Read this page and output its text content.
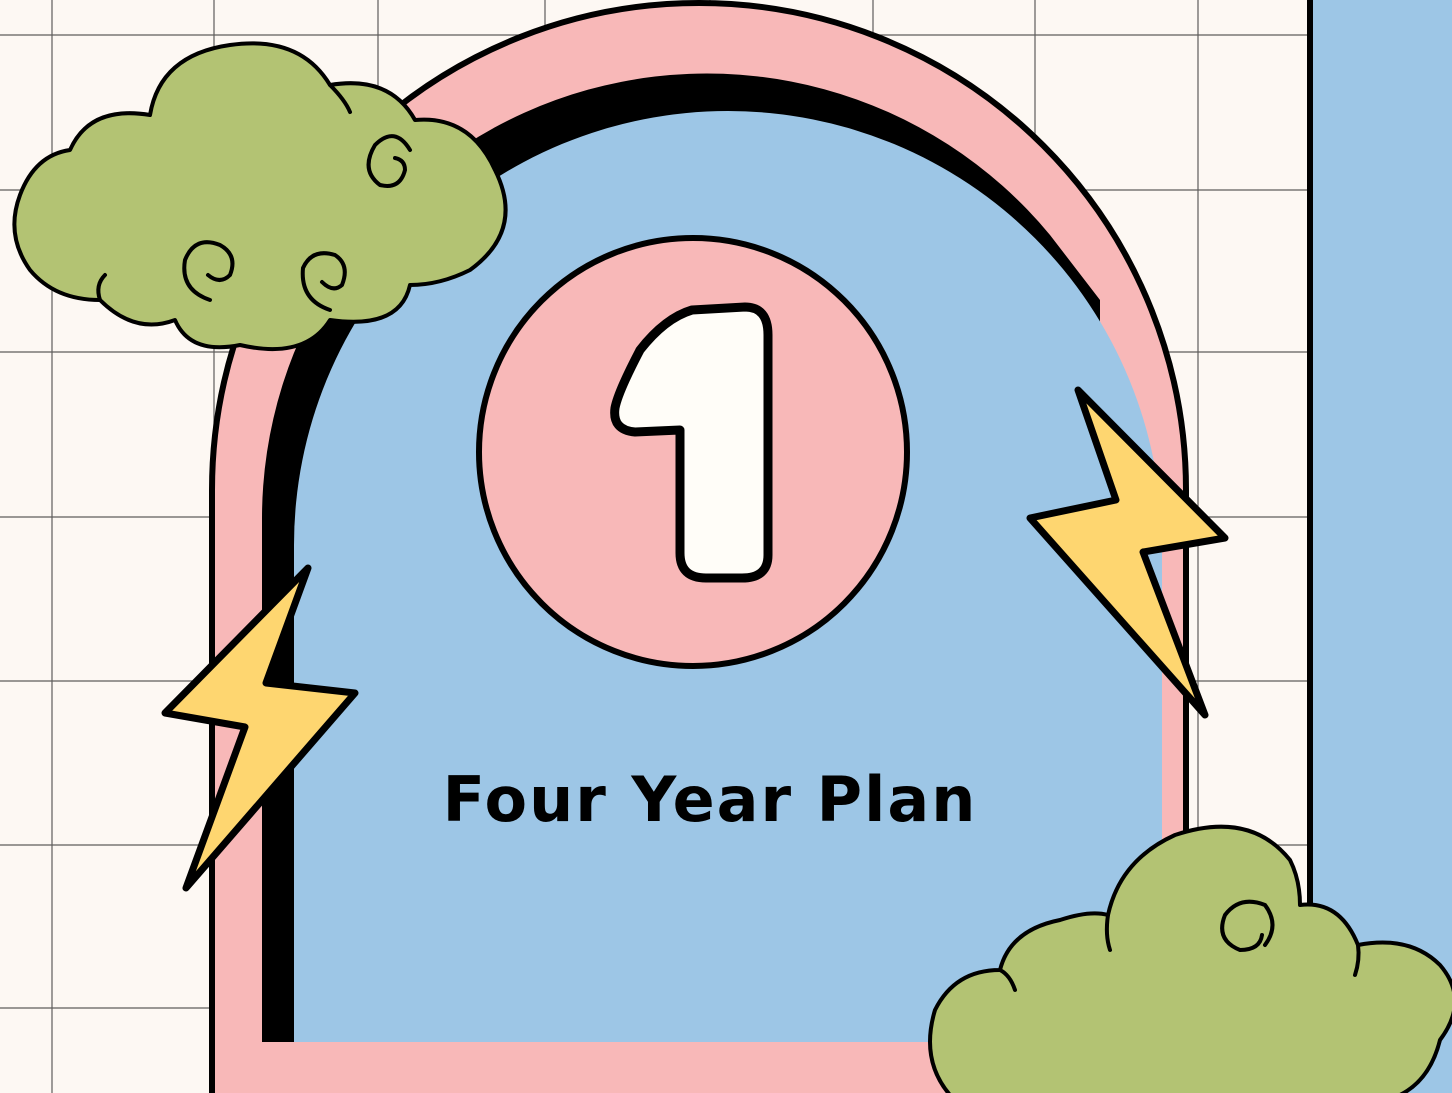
Four Year Plan
